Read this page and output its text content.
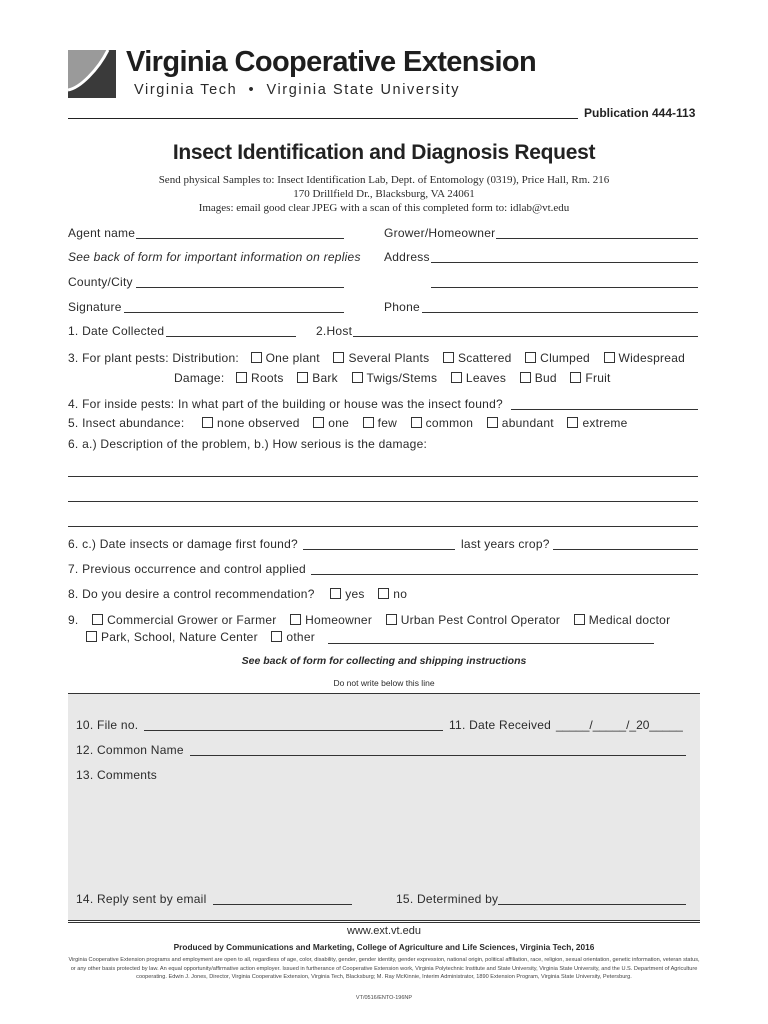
Virginia Cooperative Extension
Virginia Tech  •  Virginia State University
Publication 444-113
Insect Identification and Diagnosis Request
Send physical Samples to: Insect Identification Lab, Dept. of Entomology (0319), Price Hall, Rm. 216
170 Drillfield Dr., Blacksburg, VA 24061
Images: email good clear JPEG with a scan of this completed form to: idlab@vt.edu
Agent name	Grower/Homeowner
See back of form for important information on replies Address
County/City
Signature	Phone
1. Date Collected	2.Host
3. For plant pests: Distribution: One plant Several Plants Scattered Clumped Widespread
Damage: Roots Bark Twigs/Stems Leaves Bud Fruit
4. For inside pests: In what part of the building or house was the insect found?
5. Insect abundance:	none observed one few common abundant extreme
6. a.) Description of the problem, b.) How serious is the damage:
6. c.) Date insects or damage first found?	last years crop?
7. Previous occurrence and control applied
8. Do you desire a control recommendation?	yes no
9. Commercial Grower or Farmer Homeowner Urban Pest Control Operator Medical doctor
Park, School, Nature Center other
See back of form for collecting and shipping instructions
Do not write below this line
10. File no.	11. Date Received _____/_____/_20_____
12. Common Name
13. Comments
14. Reply sent by email	15. Determined by
www.ext.vt.edu
Produced by Communications and Marketing, College of Agriculture and Life Sciences, Virginia Tech, 2016
Virginia Cooperative Extension programs and employment are open to all, regardless of age, color, disability, gender, gender identity, gender expression, national origin, political affiliation, race, religion, sexual orientation, genetic information, veteran status, or any other basis protected by law. An equal opportunity/affirmative action employer. Issued in furtherance of Cooperative Extension work, Virginia Polytechnic Institute and State University, Virginia State University, and the U.S. Department of Agriculture cooperating. Edwin J. Jones, Director, Virginia Cooperative Extension, Virginia Tech, Blacksburg; M. Ray McKinnie, Interim Administrator, 1890 Extension Program, Virginia State University, Petersburg.
VT/0516/ENTO-196NP
